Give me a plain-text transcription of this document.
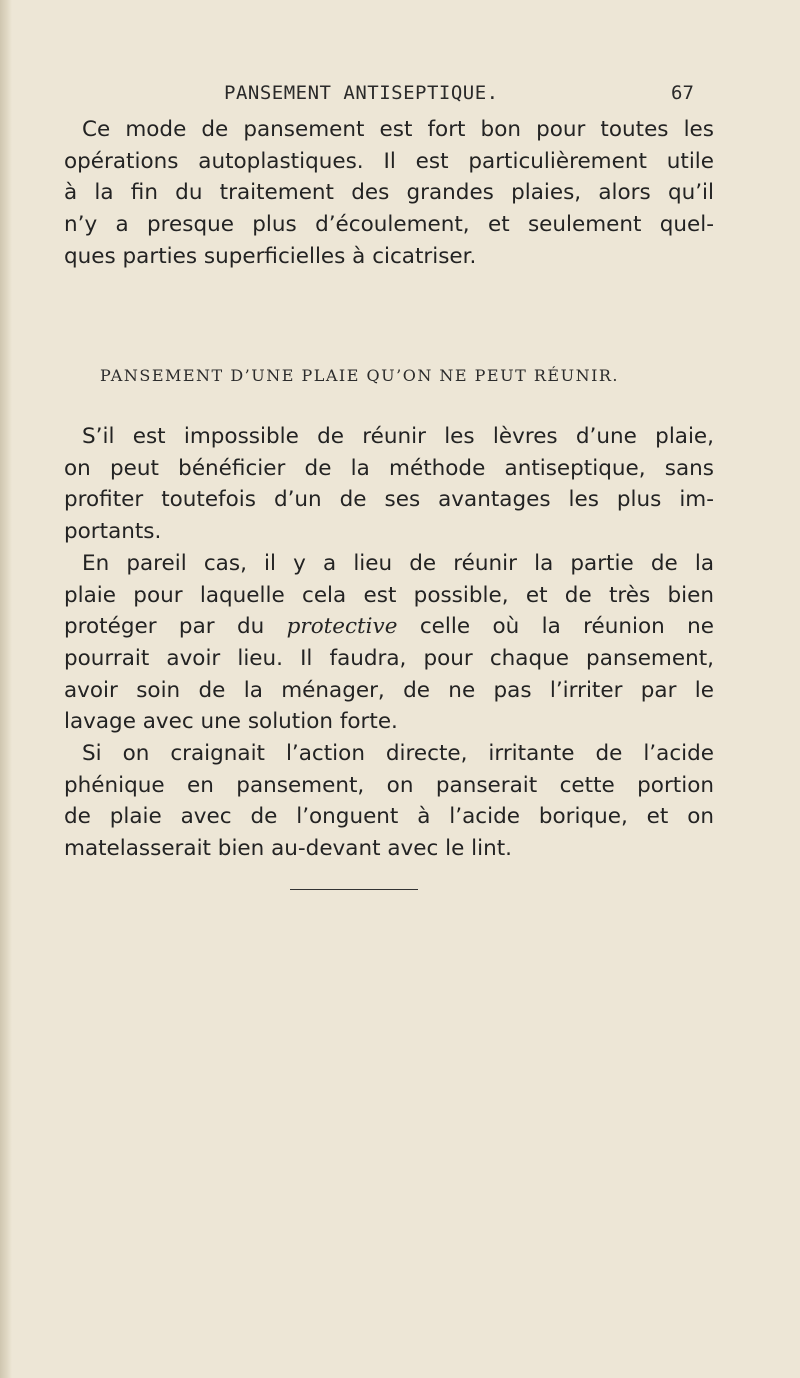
PANSEMENT ANTISEPTIQUE.	67
Ce mode de pansement est fort bon pour toutes les
opérations autoplastiques. Il est particulièrement utile
à la fin du traitement des grandes plaies, alors qu’il
n’y a presque plus d’écoulement, et seulement quel-
ques parties superficielles à cicatriser.
PANSEMENT D’UNE PLAIE QU’ON NE PEUT RÉUNIR.
S’il est impossible de réunir les lèvres d’une plaie,
on peut bénéficier de la méthode antiseptique, sans
profiter toutefois d’un de ses avantages les plus im-
portants.
En pareil cas, il y a lieu de réunir la partie de la
plaie pour laquelle cela est possible, et de très bien
protéger par du protective celle où la réunion ne
pourrait avoir lieu. Il faudra, pour chaque pansement,
avoir soin de la ménager, de ne pas l’irriter par le
lavage avec une solution forte.
Si on craignait l’action directe, irritante de l’acide
phénique en pansement, on panserait cette portion
de plaie avec de l’onguent à l’acide borique, et on
matelasserait bien au-devant avec le lint.
